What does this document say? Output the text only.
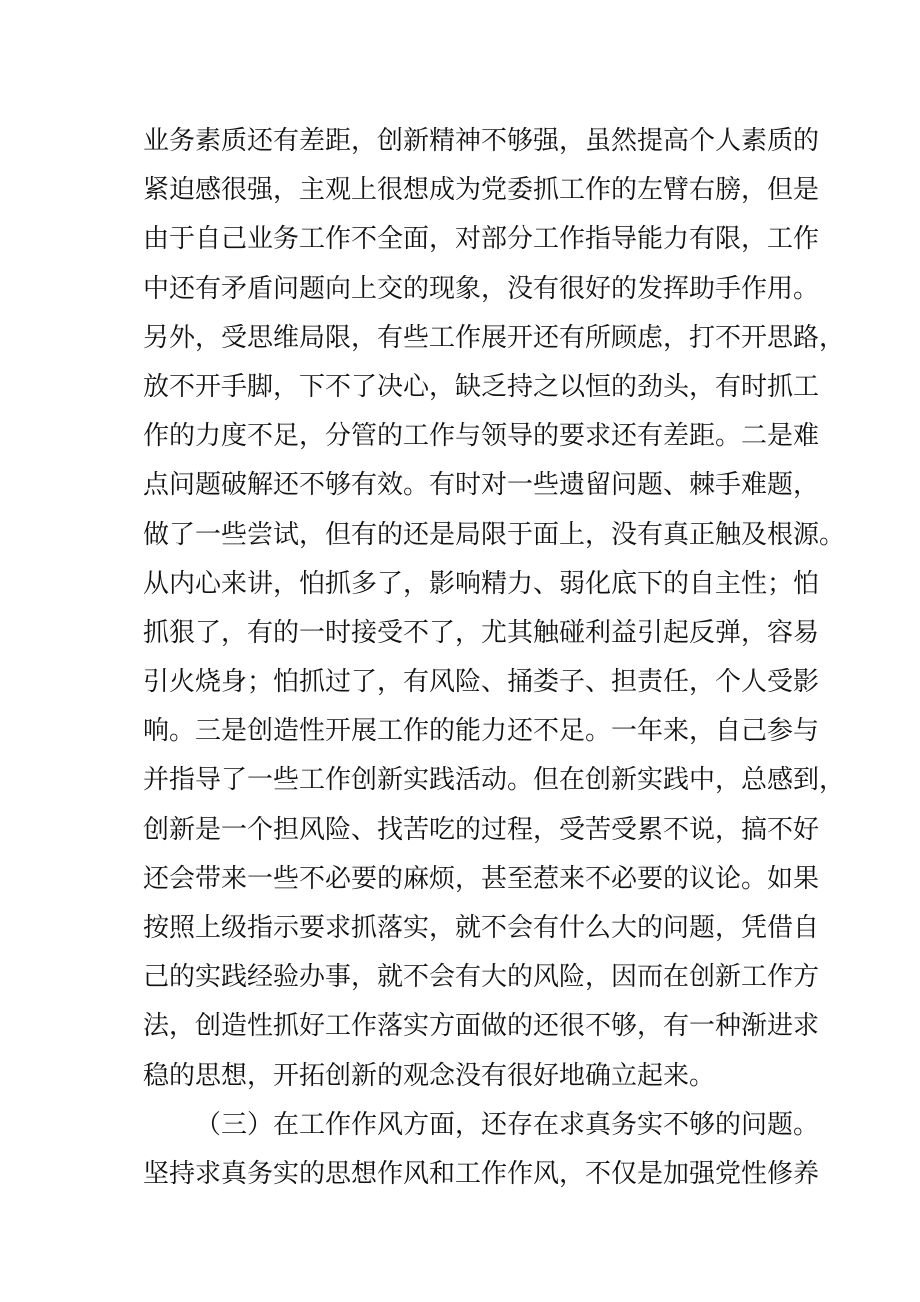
业务素质还有差距，创新精神不够强，虽然提高个人素质的
紧迫感很强，主观上很想成为党委抓工作的左臂右膀，但是
由于自己业务工作不全面，对部分工作指导能力有限，工作
中还有矛盾问题向上交的现象，没有很好的发挥助手作用。
另外，受思维局限，有些工作展开还有所顾虑，打不开思路，
放不开手脚，下不了决心，缺乏持之以恒的劲头，有时抓工
作的力度不足，分管的工作与领导的要求还有差距。二是难
点问题破解还不够有效。有时对一些遗留问题、棘手难题，
做了一些尝试，但有的还是局限于面上，没有真正触及根源。
从内心来讲，怕抓多了，影响精力、弱化底下的自主性；怕
抓狠了，有的一时接受不了，尤其触碰利益引起反弹，容易
引火烧身；怕抓过了，有风险、捅娄子、担责任，个人受影
响。三是创造性开展工作的能力还不足。一年来，自己参与
并指导了一些工作创新实践活动。但在创新实践中，总感到，
创新是一个担风险、找苦吃的过程，受苦受累不说，搞不好
还会带来一些不必要的麻烦，甚至惹来不必要的议论。如果
按照上级指示要求抓落实，就不会有什么大的问题，凭借自
己的实践经验办事，就不会有大的风险，因而在创新工作方
法，创造性抓好工作落实方面做的还很不够，有一种渐进求
稳的思想，开拓创新的观念没有很好地确立起来。
（三）在工作作风方面，还存在求真务实不够的问题。
坚持求真务实的思想作风和工作作风，不仅是加强党性修养
